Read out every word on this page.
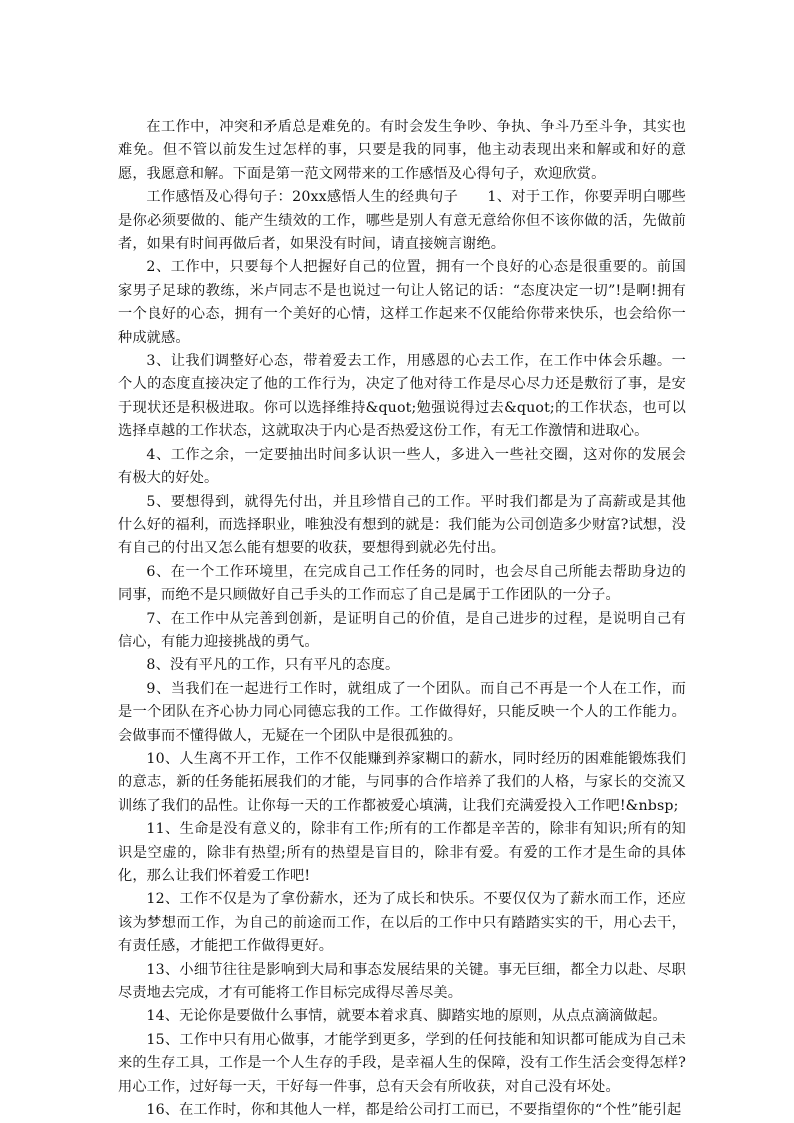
在工作中，冲突和矛盾总是难免的。有时会发生争吵、争执、争斗乃至斗争，其实也难免。但不管以前发生过怎样的事，只要是我的同事，他主动表现出来和解或和好的意愿，我愿意和解。下面是第一范文网带来的工作感悟及心得句子，欢迎欣赏。

工作感悟及心得句子：20xx感悟人生的经典句子　　1、对于工作，你要弄明白哪些是你必须要做的、能产生绩效的工作，哪些是别人有意无意给你但不该你做的活，先做前者，如果有时间再做后者，如果没有时间，请直接婉言谢绝。

2、工作中，只要每个人把握好自己的位置，拥有一个良好的心态是很重要的。前国家男子足球的教练，米卢同志不是也说过一句让人铭记的话：“态度决定一切”!是啊!拥有一个良好的心态，拥有一个美好的心情，这样工作起来不仅能给你带来快乐，也会给你一种成就感。

3、让我们调整好心态，带着爱去工作，用感恩的心去工作，在工作中体会乐趣。一个人的态度直接决定了他的工作行为，决定了他对待工作是尽心尽力还是敷衍了事，是安于现状还是积极进取。你可以选择维持&quot;勉强说得过去&quot;的工作状态，也可以选择卓越的工作状态，这就取决于内心是否热爱这份工作，有无工作激情和进取心。

4、工作之余，一定要抽出时间多认识一些人，多进入一些社交圈，这对你的发展会有极大的好处。

5、要想得到，就得先付出，并且珍惜自己的工作。平时我们都是为了高薪或是其他什么好的福利，而选择职业，唯独没有想到的就是：我们能为公司创造多少财富?试想，没有自己的付出又怎么能有想要的收获，要想得到就必先付出。

6、在一个工作环境里，在完成自己工作任务的同时，也会尽自己所能去帮助身边的同事，而绝不是只顾做好自己手头的工作而忘了自己是属于工作团队的一分子。

7、在工作中从完善到创新，是证明自己的价值，是自己进步的过程，是说明自己有信心，有能力迎接挑战的勇气。

8、没有平凡的工作，只有平凡的态度。

9、当我们在一起进行工作时，就组成了一个团队。而自己不再是一个人在工作，而是一个团队在齐心协力同心同德忘我的工作。工作做得好，只能反映一个人的工作能力。会做事而不懂得做人，无疑在一个团队中是很孤独的。

10、人生离不开工作，工作不仅能赚到养家糊口的薪水，同时经历的困难能锻炼我们的意志，新的任务能拓展我们的才能，与同事的合作培养了我们的人格，与家长的交流又训练了我们的品性。让你每一天的工作都被爱心填满，让我们充满爱投入工作吧!&nbsp;

11、生命是没有意义的，除非有工作;所有的工作都是辛苦的，除非有知识;所有的知识是空虚的，除非有热望;所有的热望是盲目的，除非有爱。有爱的工作才是生命的具体化，那么让我们怀着爱工作吧!

12、工作不仅是为了拿份薪水，还为了成长和快乐。不要仅仅为了薪水而工作，还应该为梦想而工作，为自己的前途而工作，在以后的工作中只有踏踏实实的干，用心去干，有责任感，才能把工作做得更好。

13、小细节往往是影响到大局和事态发展结果的关键。事无巨细，都全力以赴、尽职尽责地去完成，才有可能将工作目标完成得尽善尽美。

14、无论你是要做什么事情，就要本着求真、脚踏实地的原则，从点点滴滴做起。

15、工作中只有用心做事，才能学到更多，学到的任何技能和知识都可能成为自己未来的生存工具，工作是一个人生存的手段，是幸福人生的保障，没有工作生活会变得怎样?用心工作，过好每一天，干好每一件事，总有天会有所收获，对自己没有坏处。

16、在工作时，你和其他人一样，都是给公司打工而已，不要指望你的“个性”能引起
